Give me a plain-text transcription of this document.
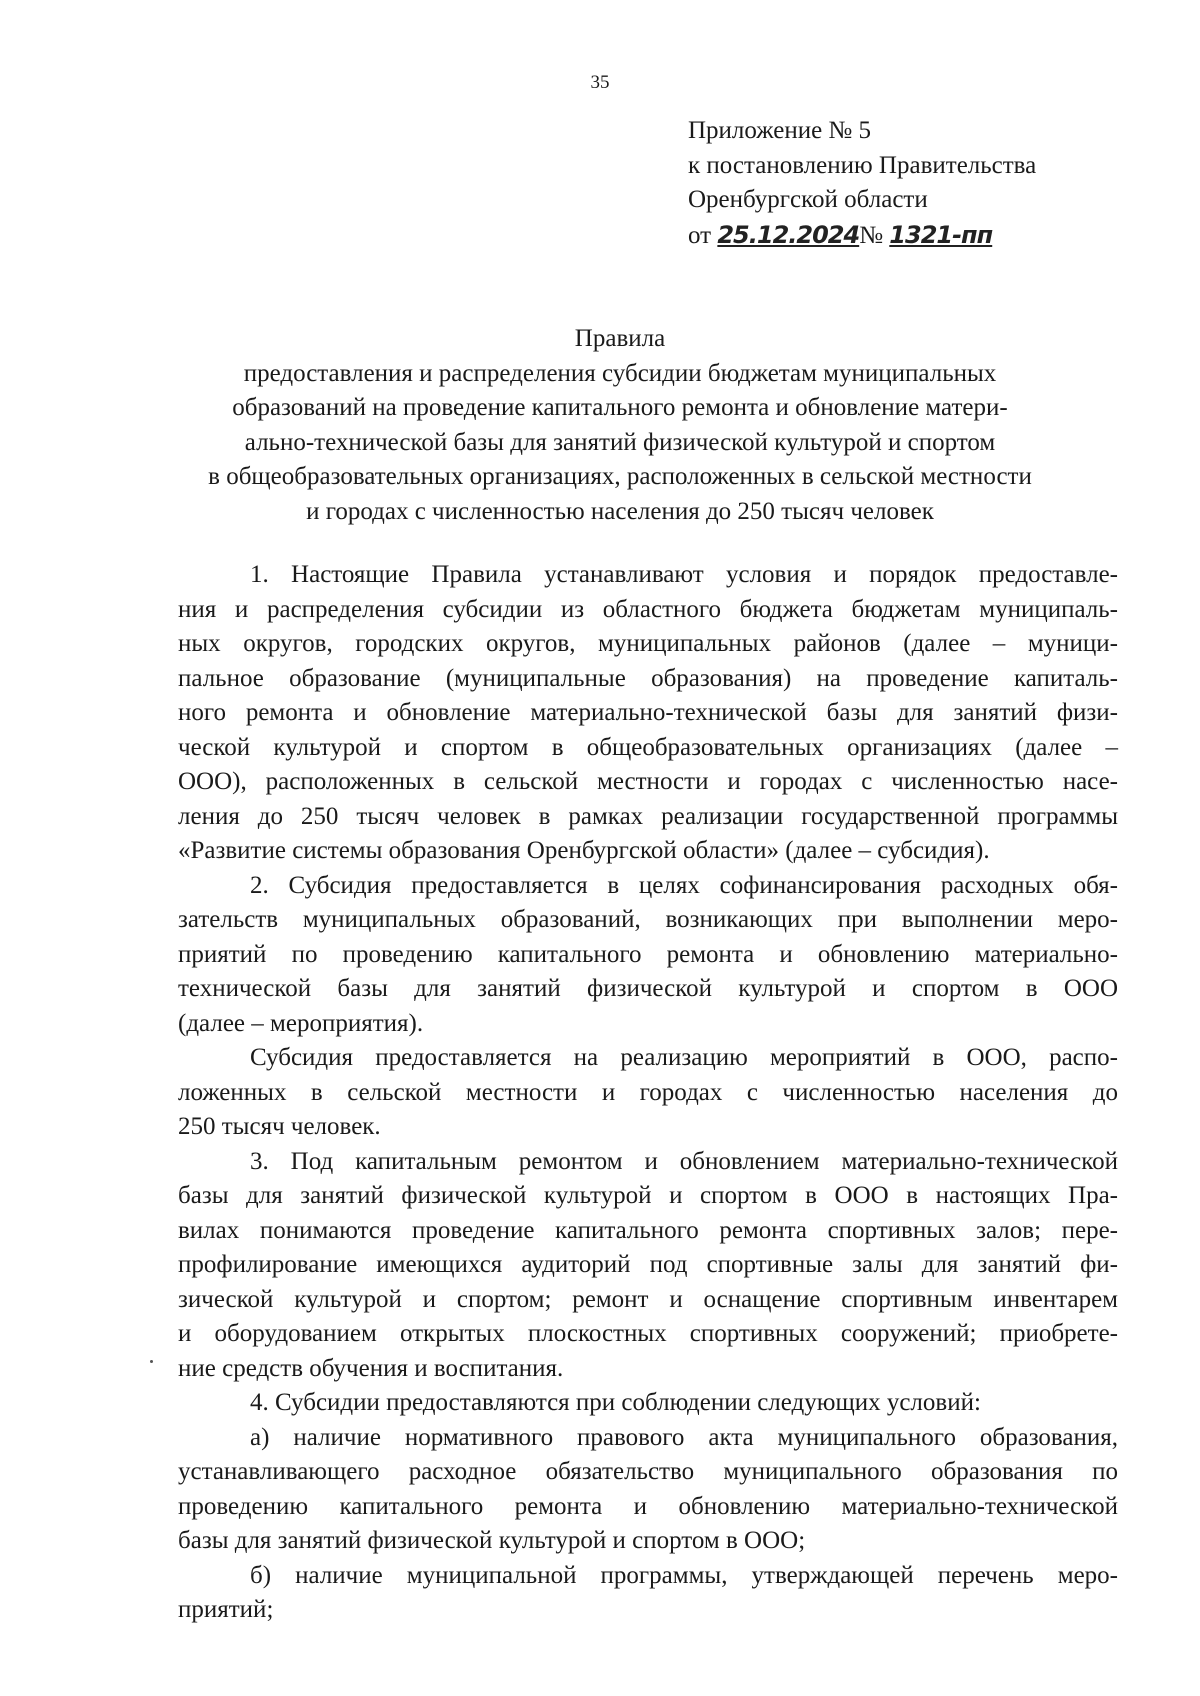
35
Приложение № 5
к постановлению Правительства
Оренбургской области
от 25.12.2024№ 1321-пп
Правила
предоставления и распределения субсидии бюджетам муниципальных
образований на проведение капитального ремонта и обновление матери-
ально-технической базы для занятий физической культурой и спортом
в общеобразовательных организациях, расположенных в сельской местности
и городах с численностью населения до 250 тысяч человек
1. Настоящие Правила устанавливают условия и порядок предоставле-
ния и распределения субсидии из областного бюджета бюджетам муниципаль-
ных округов, городских округов, муниципальных районов (далее – муници-
пальное образование (муниципальные образования) на проведение капиталь-
ного ремонта и обновление материально-технической базы для занятий физи-
ческой культурой и спортом в общеобразовательных организациях (далее –
ООО), расположенных в сельской местности и городах с численностью насе-
ления до 250 тысяч человек в рамках реализации государственной программы
«Развитие системы образования Оренбургской области» (далее – субсидия).
2. Субсидия предоставляется в целях софинансирования расходных обя-
зательств муниципальных образований, возникающих при выполнении меро-
приятий по проведению капитального ремонта и обновлению материально-
технической базы для занятий физической культурой и спортом в ООО
(далее – мероприятия).
Субсидия предоставляется на реализацию мероприятий в ООО, распо-
ложенных в сельской местности и городах с численностью населения до
250 тысяч человек.
3. Под капитальным ремонтом и обновлением материально-технической
базы для занятий физической культурой и спортом в ООО в настоящих Пра-
вилах понимаются проведение капитального ремонта спортивных залов; пере-
профилирование имеющихся аудиторий под спортивные залы для занятий фи-
зической культурой и спортом; ремонт и оснащение спортивным инвентарем
и оборудованием открытых плоскостных спортивных сооружений; приобрете-
ние средств обучения и воспитания.
4. Субсидии предоставляются при соблюдении следующих условий:
а) наличие нормативного правового акта муниципального образования,
устанавливающего расходное обязательство муниципального образования по
проведению капитального ремонта и обновлению материально-технической
базы для занятий физической культурой и спортом в ООО;
б) наличие муниципальной программы, утверждающей перечень меро-
приятий;
